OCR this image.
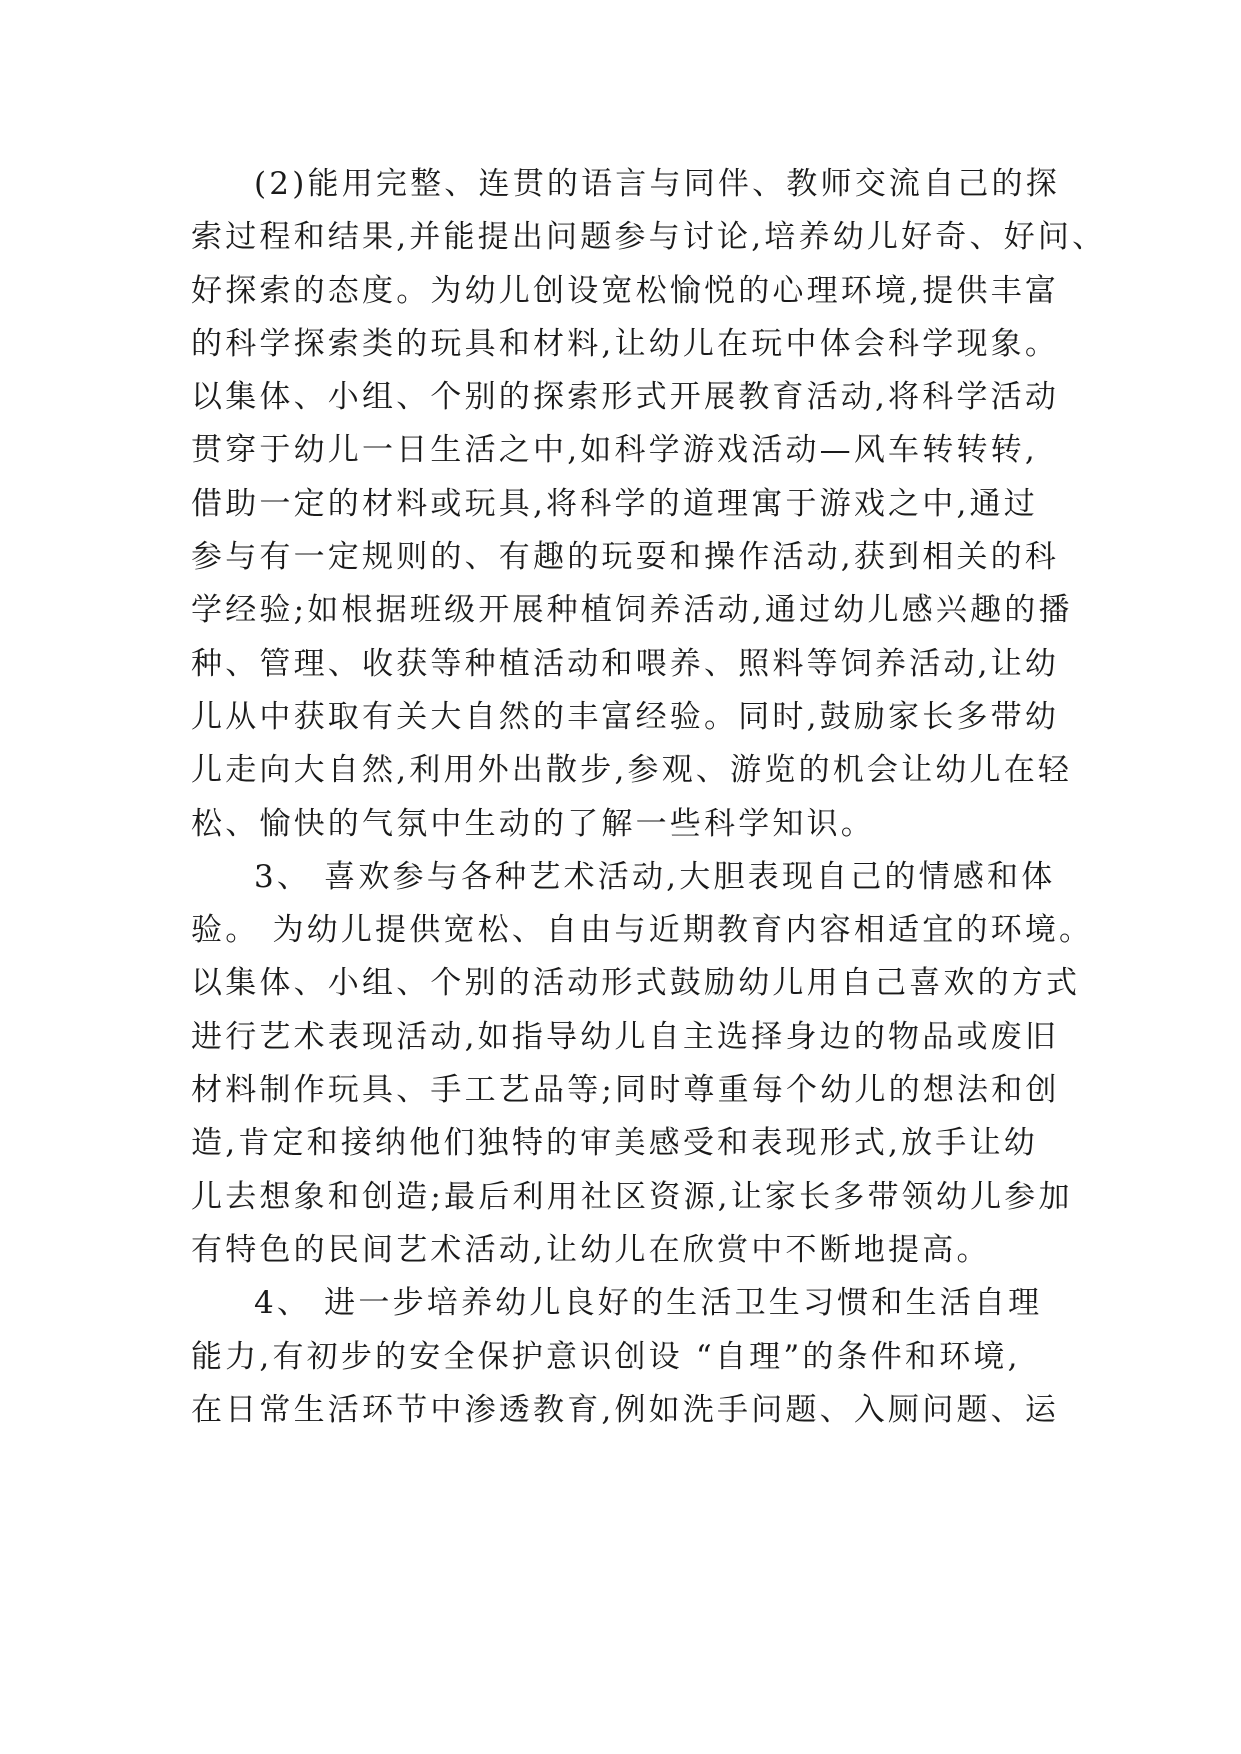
(2)能用完整、连贯的语言与同伴、教师交流自己的探
索过程和结果,并能提出问题参与讨论,培养幼儿好奇、好问、
好探索的态度。为幼儿创设宽松愉悦的心理环境,提供丰富
的科学探索类的玩具和材料,让幼儿在玩中体会科学现象。
以集体、小组、个别的探索形式开展教育活动,将科学活动
贯穿于幼儿一日生活之中,如科学游戏活动—风车转转转,
借助一定的材料或玩具,将科学的道理寓于游戏之中,通过
参与有一定规则的、有趣的玩耍和操作活动,获到相关的科
学经验;如根据班级开展种植饲养活动,通过幼儿感兴趣的播
种、管理、收获等种植活动和喂养、照料等饲养活动,让幼
儿从中获取有关大自然的丰富经验。同时,鼓励家长多带幼
儿走向大自然,利用外出散步,参观、游览的机会让幼儿在轻
松、愉快的气氛中生动的了解一些科学知识。
3、 喜欢参与各种艺术活动,大胆表现自己的情感和体
验。 为幼儿提供宽松、自由与近期教育内容相适宜的环境。
以集体、小组、个别的活动形式鼓励幼儿用自己喜欢的方式
进行艺术表现活动,如指导幼儿自主选择身边的物品或废旧
材料制作玩具、手工艺品等;同时尊重每个幼儿的想法和创
造,肯定和接纳他们独特的审美感受和表现形式,放手让幼
儿去想象和创造;最后利用社区资源,让家长多带领幼儿参加
有特色的民间艺术活动,让幼儿在欣赏中不断地提高。
4、 进一步培养幼儿良好的生活卫生习惯和生活自理
能力,有初步的安全保护意识创设 “自理”的条件和环境,
在日常生活环节中渗透教育,例如洗手问题、入厕问题、运
